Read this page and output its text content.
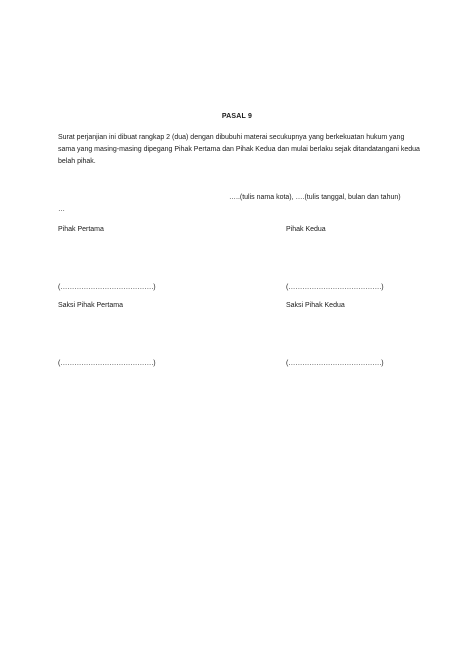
PASAL 9
Surat perjanjian ini dibuat rangkap 2 (dua) dengan dibubuhi materai secukupnya yang berkekuatan hukum yang sama yang masing-masing dipegang Pihak Pertama dan Pihak Kedua dan mulai berlaku sejak ditandatangani kedua belah pihak.
…..(tulis nama kota), ….(tulis tanggal, bulan dan tahun)
…
Pihak Pertama	Pihak Kedua
(………………………………….)	(………………………………….)
Saksi Pihak Pertama	Saksi Pihak Kedua
(………………………………….)	(………………………………….)
